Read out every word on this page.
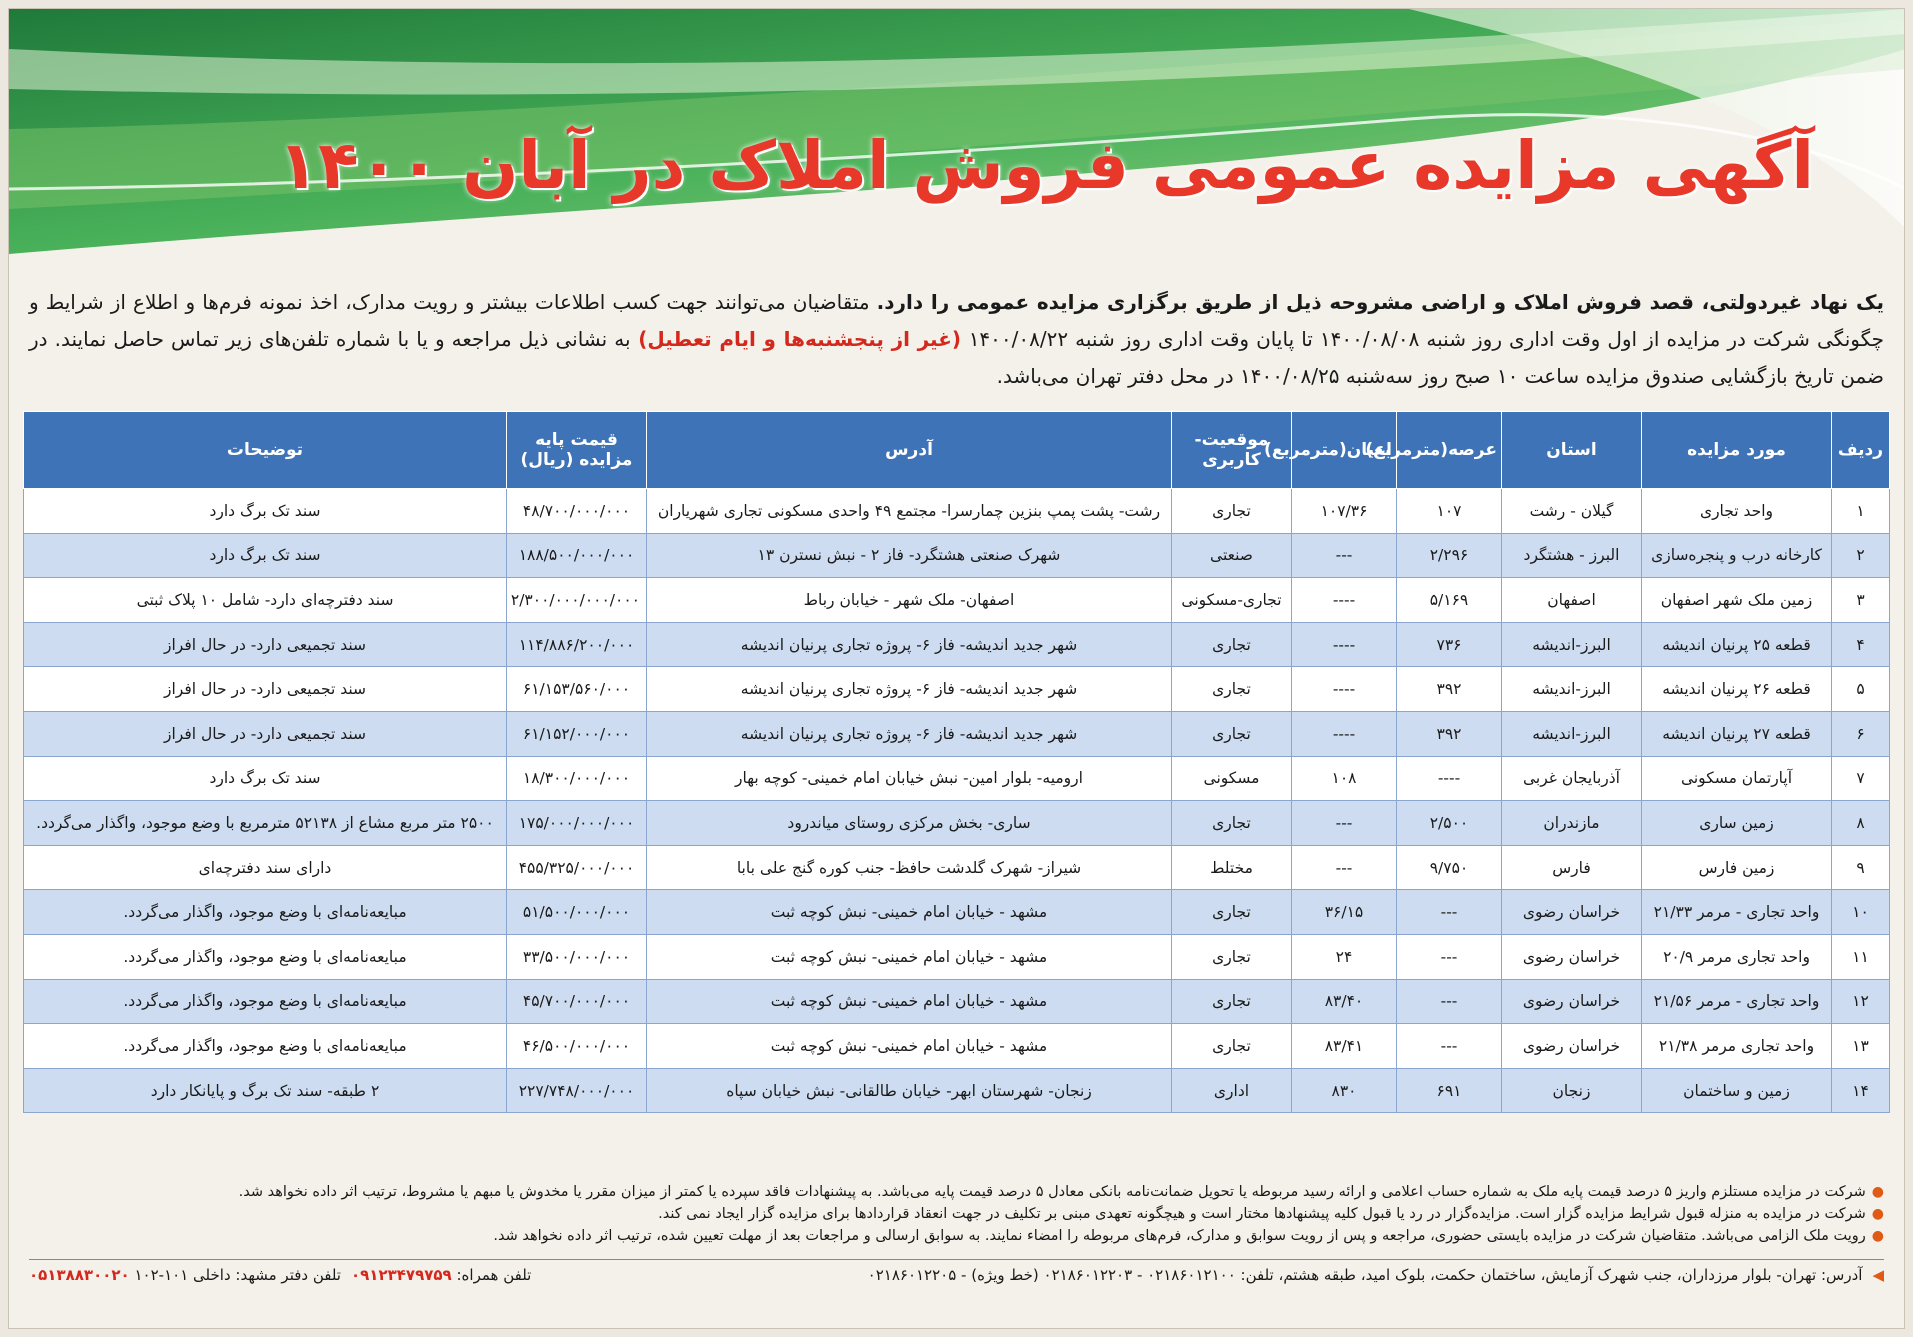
آگهی مزایده عمومی فروش املاک در آبان ۱۴۰۰
یک نهاد غیردولتی، قصد فروش املاک و اراضی مشروحه ذیل از طریق برگزاری مزایده عمومی را دارد. متقاضیان می‌توانند جهت کسب اطلاعات بیشتر و رویت مدارک، اخذ نمونه فرم‌ها و اطلاع از شرایط و چگونگی شرکت در مزایده از اول وقت اداری روز شنبه ۱۴۰۰/۰۸/۰۸ تا پایان وقت اداری روز شنبه ۱۴۰۰/۰۸/۲۲ (غیر از پنجشنبه‌ها و ایام تعطیل) به نشانی ذیل مراجعه و یا با شماره تلفن‌های زیر تماس حاصل نمایند. در ضمن تاریخ بازگشایی صندوق مزایده ساعت ۱۰ صبح روز سه‌شنبه ۱۴۰۰/۰۸/۲۵ در محل دفتر تهران می‌باشد.
ردیف	مورد مزایده	استان	عرصه(مترمربع)	اعیان(مترمربع)	موقعیت-کاربری	آدرس	قیمت پایه مزایده (ریال)	توضیحات
۱	واحد تجاری	گیلان - رشت	۱۰۷	۱۰۷/۳۶	تجاری	رشت- پشت پمپ بنزین چمارسرا- مجتمع ۴۹ واحدی مسکونی تجاری شهریاران	۴۸/۷۰۰/۰۰۰/۰۰۰	سند تک برگ دارد
۲	کارخانه درب و پنجره‌سازی	البرز - هشتگرد	۲/۲۹۶	---	صنعتی	شهرک صنعتی هشتگرد- فاز ۲ - نبش نسترن ۱۳	۱۸۸/۵۰۰/۰۰۰/۰۰۰	سند تک برگ دارد
۳	زمین ملک شهر اصفهان	اصفهان	۵/۱۶۹	----	تجاری-مسکونی	اصفهان- ملک شهر - خیابان رباط	۲/۳۰۰/۰۰۰/۰۰۰/۰۰۰	سند دفترچه‌ای دارد- شامل ۱۰ پلاک ثبتی
۴	قطعه ۲۵ پرنیان اندیشه	البرز-اندیشه	۷۳۶	----	تجاری	شهر جدید اندیشه- فاز ۶- پروژه تجاری پرنیان اندیشه	۱۱۴/۸۸۶/۲۰۰/۰۰۰	سند تجمیعی دارد- در حال افراز
۵	قطعه ۲۶ پرنیان اندیشه	البرز-اندیشه	۳۹۲	----	تجاری	شهر جدید اندیشه- فاز ۶- پروژه تجاری پرنیان اندیشه	۶۱/۱۵۳/۵۶۰/۰۰۰	سند تجمیعی دارد- در حال افراز
۶	قطعه ۲۷ پرنیان اندیشه	البرز-اندیشه	۳۹۲	----	تجاری	شهر جدید اندیشه- فاز ۶- پروژه تجاری پرنیان اندیشه	۶۱/۱۵۲/۰۰۰/۰۰۰	سند تجمیعی دارد- در حال افراز
۷	آپارتمان مسکونی	آذربایجان غربی	----	۱۰۸	مسکونی	ارومیه- بلوار امین- نبش خیابان امام خمینی- کوچه بهار	۱۸/۳۰۰/۰۰۰/۰۰۰	سند تک برگ دارد
۸	زمین ساری	مازندران	۲/۵۰۰	---	تجاری	ساری- بخش مرکزی روستای میاندرود	۱۷۵/۰۰۰/۰۰۰/۰۰۰	۲۵۰۰ متر مربع مشاع از ۵۲۱۳۸ مترمربع با وضع موجود، واگذار می‌گردد.
۹	زمین فارس	فارس	۹/۷۵۰	---	مختلط	شیراز- شهرک گلدشت حافظ- جنب کوره گنج علی بابا	۴۵۵/۳۲۵/۰۰۰/۰۰۰	دارای سند دفترچه‌ای
۱۰	واحد تجاری - مرمر ۲۱/۳۳	خراسان رضوی	---	۳۶/۱۵	تجاری	مشهد - خیابان امام خمینی- نبش کوچه ثبت	۵۱/۵۰۰/۰۰۰/۰۰۰	مبایعه‌نامه‌ای با وضع موجود، واگذار می‌گردد.
۱۱	واحد تجاری مرمر ۲۰/۹	خراسان رضوی	---	۲۴	تجاری	مشهد - خیابان امام خمینی- نبش کوچه ثبت	۳۳/۵۰۰/۰۰۰/۰۰۰	مبایعه‌نامه‌ای با وضع موجود، واگذار می‌گردد.
۱۲	واحد تجاری - مرمر ۲۱/۵۶	خراسان رضوی	---	۸۳/۴۰	تجاری	مشهد - خیابان امام خمینی- نبش کوچه ثبت	۴۵/۷۰۰/۰۰۰/۰۰۰	مبایعه‌نامه‌ای با وضع موجود، واگذار می‌گردد.
۱۳	واحد تجاری مرمر ۲۱/۳۸	خراسان رضوی	---	۸۳/۴۱	تجاری	مشهد - خیابان امام خمینی- نبش کوچه ثبت	۴۶/۵۰۰/۰۰۰/۰۰۰	مبایعه‌نامه‌ای با وضع موجود، واگذار می‌گردد.
۱۴	زمین و ساختمان	زنجان	۶۹۱	۸۳۰	اداری	زنجان- شهرستان ابهر- خیابان طالقانی- نبش خیابان سپاه	۲۲۷/۷۴۸/۰۰۰/۰۰۰	۲ طبقه- سند تک برگ و پایانکار دارد
●
شرکت در مزایده مستلزم واریز ۵ درصد قیمت پایه ملک به شماره حساب اعلامی و ارائه رسید مربوطه یا تحویل ضمانت‌نامه بانکی معادل ۵ درصد قیمت پایه می‌باشد. به پیشنهادات فاقد سپرده یا کمتر از میزان مقرر یا مخدوش یا مبهم یا مشروط، ترتیب اثر داده نخواهد شد.
●
شرکت در مزایده به منزله قبول شرایط مزایده گزار است. مزایده‌گزار در رد یا قبول کلیه پیشنهادها مختار است و هیچگونه تعهدی مبنی بر تکلیف در جهت انعقاد قراردادها برای مزایده گزار ایجاد نمی کند.
●
رویت ملک الزامی می‌باشد. متقاضیان شرکت در مزایده بایستی حضوری، مراجعه و پس از رویت سوابق و مدارک، فرم‌های مربوطه را امضاء نمایند. به سوابق ارسالی و مراجعات بعد از مهلت تعیین شده، ترتیب اثر داده نخواهد شد.
◀
آدرس: تهران- بلوار مرزداران، جنب شهرک آزمایش، ساختمان حکمت، بلوک امید، طبقه هشتم، تلفن: ۰۲۱۸۶۰۱۲۱۰۰ - ۰۲۱۸۶۰۱۲۲۰۳ (خط ویژه) - ۰۲۱۸۶۰۱۲۲۰۵
تلفن همراه: ۰۹۱۲۳۴۷۹۷۵۹
تلفن دفتر مشهد: داخلی ۱۰۱-۱۰۲ ۰۵۱۳۸۸۳۰۰۲۰
